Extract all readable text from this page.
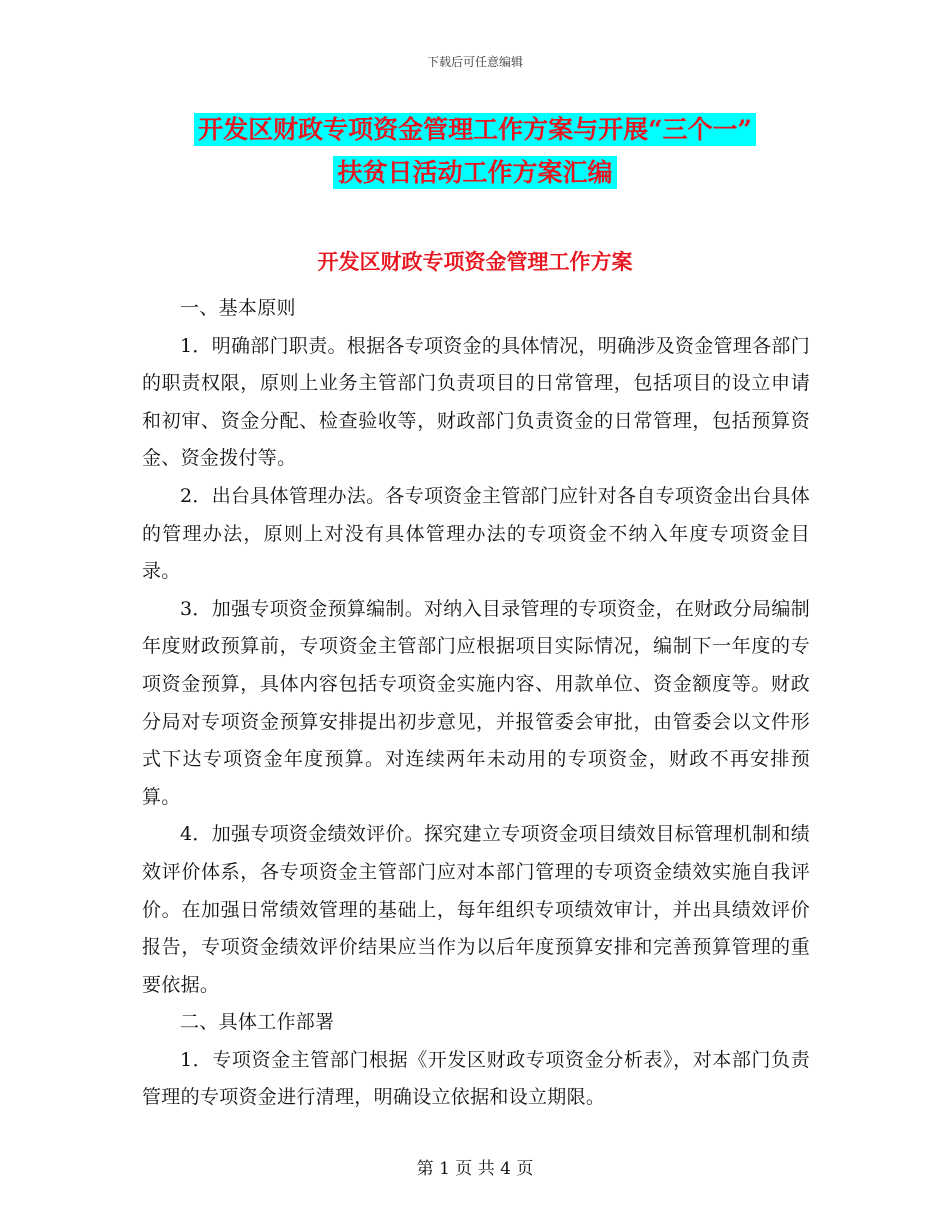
下载后可任意编辑
开发区财政专项资金管理工作方案与开展“三个一”
扶贫日活动工作方案汇编
开发区财政专项资金管理工作方案

一、基本原则

1．明确部门职责。根据各专项资金的具体情况，明确涉及资金管理各部门的职责权限，原则上业务主管部门负责项目的日常管理，包括项目的设立申请和初审、资金分配、检查验收等，财政部门负责资金的日常管理，包括预算资金、资金拨付等。

2．出台具体管理办法。各专项资金主管部门应针对各自专项资金出台具体的管理办法，原则上对没有具体管理办法的专项资金不纳入年度专项资金目录。

3．加强专项资金预算编制。对纳入目录管理的专项资金，在财政分局编制年度财政预算前，专项资金主管部门应根据项目实际情况，编制下一年度的专项资金预算，具体内容包括专项资金实施内容、用款单位、资金额度等。财政分局对专项资金预算安排提出初步意见，并报管委会审批，由管委会以文件形式下达专项资金年度预算。对连续两年未动用的专项资金，财政不再安排预算。

4．加强专项资金绩效评价。探究建立专项资金项目绩效目标管理机制和绩效评价体系，各专项资金主管部门应对本部门管理的专项资金绩效实施自我评价。在加强日常绩效管理的基础上，每年组织专项绩效审计，并出具绩效评价报告，专项资金绩效评价结果应当作为以后年度预算安排和完善预算管理的重要依据。

二、具体工作部署

1．专项资金主管部门根据《开发区财政专项资金分析表》，对本部门负责管理的专项资金进行清理，明确设立依据和设立期限。

第 1 页 共 4 页
